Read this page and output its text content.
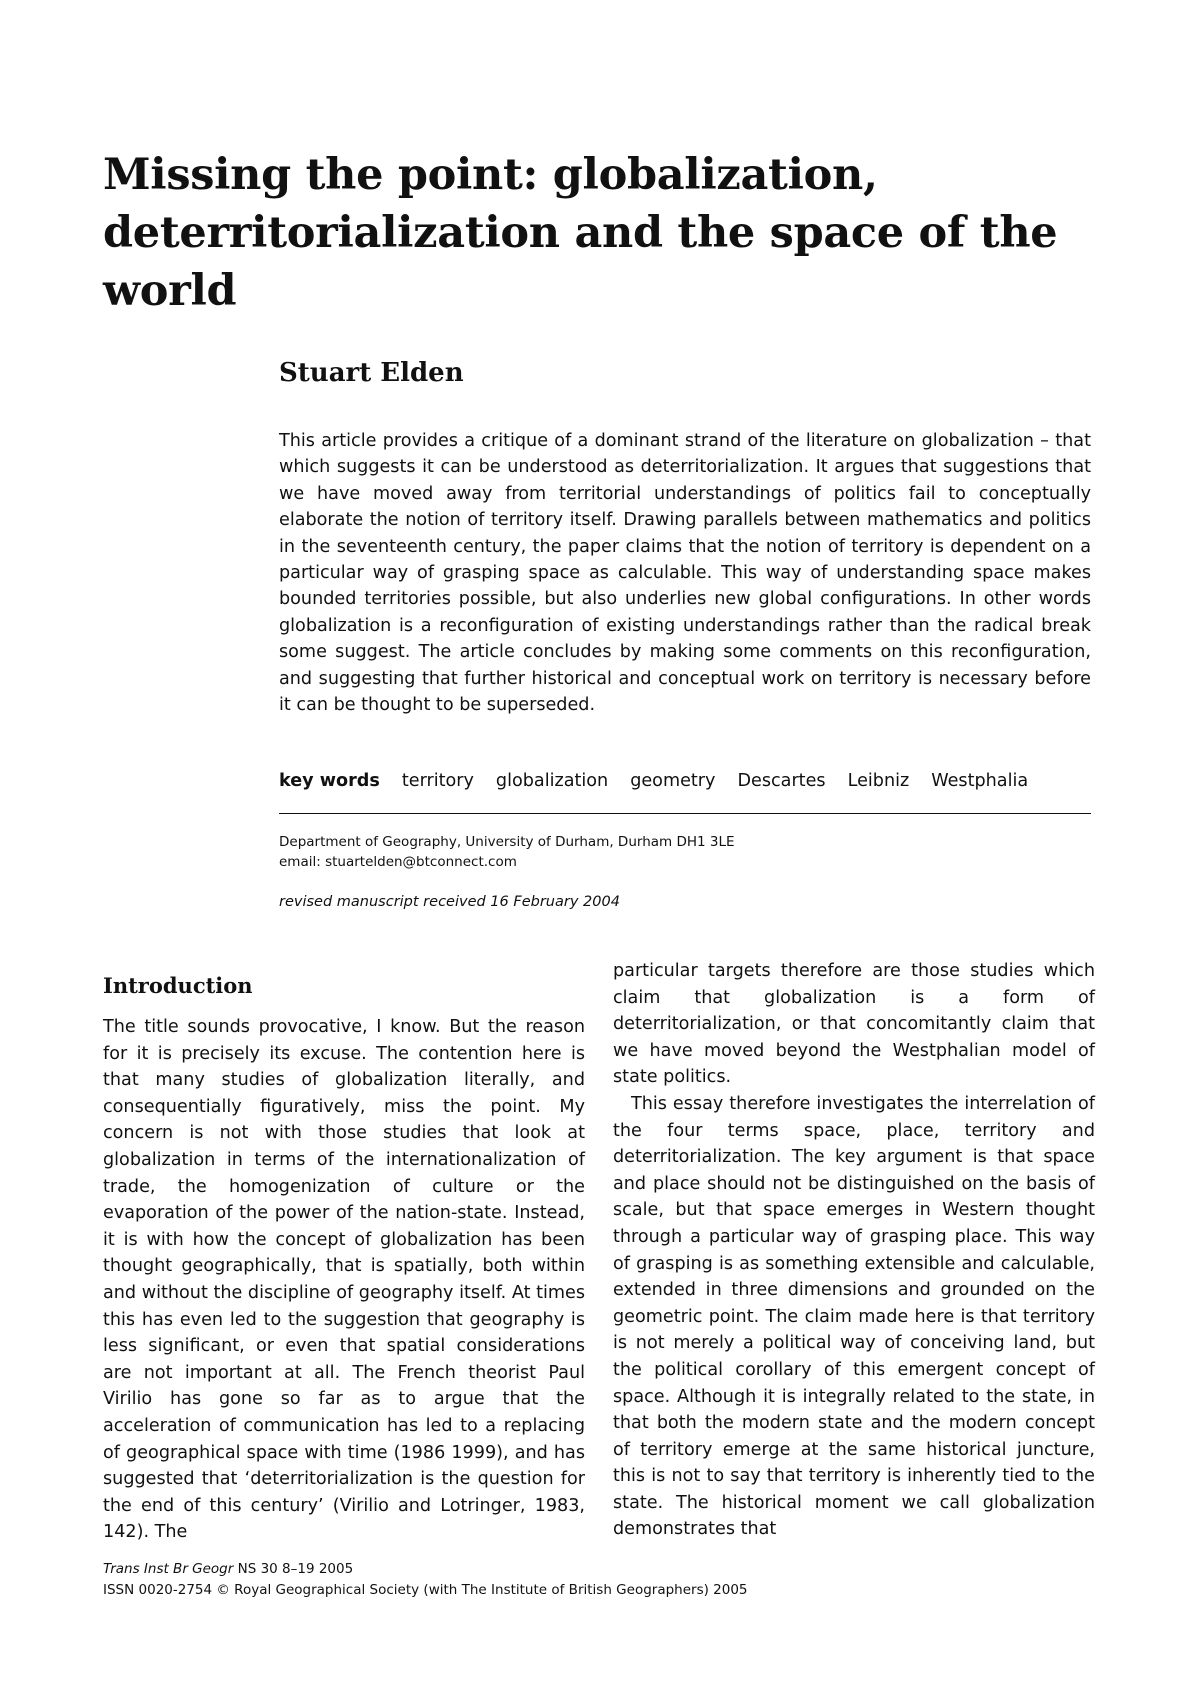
Missing the point: globalization, deterritorialization and the space of the world
Stuart Elden

This article provides a critique of a dominant strand of the literature on globalization – that which suggests it can be understood as deterritorialization. It argues that suggestions that we have moved away from territorial understandings of politics fail to conceptually elaborate the notion of territory itself. Drawing parallels between mathematics and politics in the seventeenth century, the paper claims that the notion of territory is dependent on a particular way of grasping space as calculable. This way of understanding space makes bounded territories possible, but also underlies new global configurations. In other words globalization is a reconfiguration of existing understandings rather than the radical break some suggest. The article concludes by making some comments on this reconfiguration, and suggesting that further historical and conceptual work on territory is necessary before it can be thought to be superseded.

key words territory globalization geometry Descartes Leibniz Westphalia
Department of Geography, University of Durham, Durham DH1 3LE
email: stuartelden@btconnect.com
revised manuscript received 16 February 2004
Introduction

The title sounds provocative, I know. But the reason for it is precisely its excuse. The contention here is that many studies of globalization literally, and consequentially figuratively, miss the point. My concern is not with those studies that look at globalization in terms of the internationalization of trade, the homogenization of culture or the evaporation of the power of the nation-state. Instead, it is with how the concept of globalization has been thought geographically, that is spatially, both within and without the discipline of geography itself. At times this has even led to the suggestion that geography is less significant, or even that spatial considerations are not important at all. The French theorist Paul Virilio has gone so far as to argue that the acceleration of communication has led to a replacing of geographical space with time (1986 1999), and has suggested that ‘deterritorialization is the question for the end of this century’ (Virilio and Lotringer, 1983, 142). The

particular targets therefore are those studies which claim that globalization is a form of deterritorialization, or that concomitantly claim that we have moved beyond the Westphalian model of state politics.

This essay therefore investigates the interrelation of the four terms space, place, territory and deterritorialization. The key argument is that space and place should not be distinguished on the basis of scale, but that space emerges in Western thought through a particular way of grasping place. This way of grasping is as something extensible and calculable, extended in three dimensions and grounded on the geometric point. The claim made here is that territory is not merely a political way of conceiving land, but the political corollary of this emergent concept of space. Although it is integrally related to the state, in that both the modern state and the modern concept of territory emerge at the same historical juncture, this is not to say that territory is inherently tied to the state. The historical moment we call globalization demonstrates that

Trans Inst Br Geogr NS 30 8–19 2005
ISSN 0020-2754 © Royal Geographical Society (with The Institute of British Geographers) 2005
